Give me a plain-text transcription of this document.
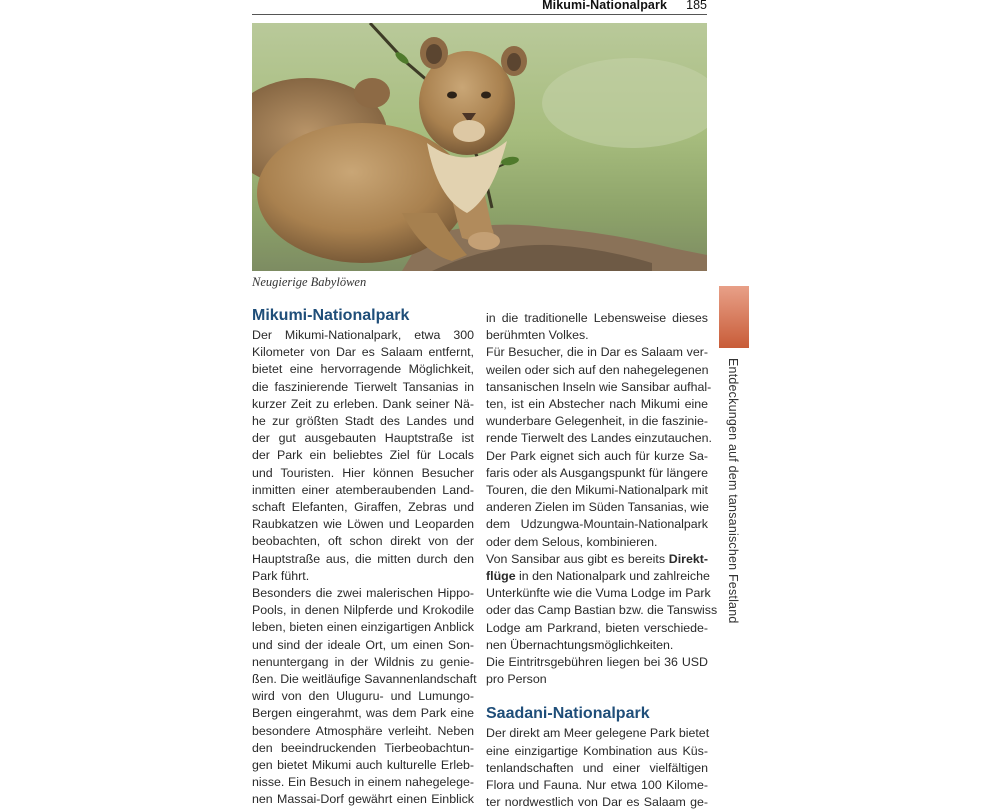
Mikumi-Nationalpark 185
Neugierige Babylöwen
Mikumi-Nationalpark
Der Mikumi-Nationalpark, etwa 300
Kilometer von Dar es Salaam entfernt,
bietet eine hervorragende Möglichkeit,
die faszinierende Tierwelt Tansanias in
kurzer Zeit zu erleben. Dank seiner Nä-
he zur größten Stadt des Landes und
der gut ausgebauten Hauptstraße ist
der Park ein beliebtes Ziel für Locals
und Touristen. Hier können Besucher
inmitten einer atemberaubenden Land-
schaft Elefanten, Giraffen, Zebras und
Raubkatzen wie Löwen und Leoparden
beobachten, oft schon direkt von der
Hauptstraße aus, die mitten durch den
Park führt.
Besonders die zwei malerischen Hippo-
Pools, in denen Nilpferde und Krokodile
leben, bieten einen einzigartigen Anblick
und sind der ideale Ort, um einen Son-
nenuntergang in der Wildnis zu genie-
ßen. Die weitläufige Savannenlandschaft
wird von den Uluguru- und Lumungo-
Bergen eingerahmt, was dem Park eine
besondere Atmosphäre verleiht. Neben
den beeindruckenden Tierbeobachtun-
gen bietet Mikumi auch kulturelle Erleb-
nisse. Ein Besuch in einem nahegelege-
nen Massai-Dorf gewährt einen Einblick
in die traditionelle Lebensweise dieses
berühmten Volkes.
Für Besucher, die in Dar es Salaam ver-
weilen oder sich auf den nahegelegenen
tansanischen Inseln wie Sansibar aufhal-
ten, ist ein Abstecher nach Mikumi eine
wunderbare Gelegenheit, in die faszinie-
rende Tierwelt des Landes einzutauchen.
Der Park eignet sich auch für kurze Sa-
faris oder als Ausgangspunkt für längere
Touren, die den Mikumi-Nationalpark mit
anderen Zielen im Süden Tansanias, wie
dem Udzungwa-Mountain-Nationalpark
oder dem Selous, kombinieren.
Von Sansibar aus gibt es bereits Direkt-
flüge in den Nationalpark und zahlreiche
Unterkünfte wie die Vuma Lodge im Park
oder das Camp Bastian bzw. die Tanswiss
Lodge am Parkrand, bieten verschiede-
nen Übernachtungsmöglichkeiten.
Die Eintritrsgebühren liegen bei 36 USD
pro Person
Saadani-Nationalpark
Der direkt am Meer gelegene Park bietet
eine einzigartige Kombination aus Küs-
tenlandschaften und einer vielfältigen
Flora und Fauna. Nur etwa 100 Kilome-
ter nordwestlich von Dar es Salaam ge-
Entdeckungen auf dem tansanischen Festland
